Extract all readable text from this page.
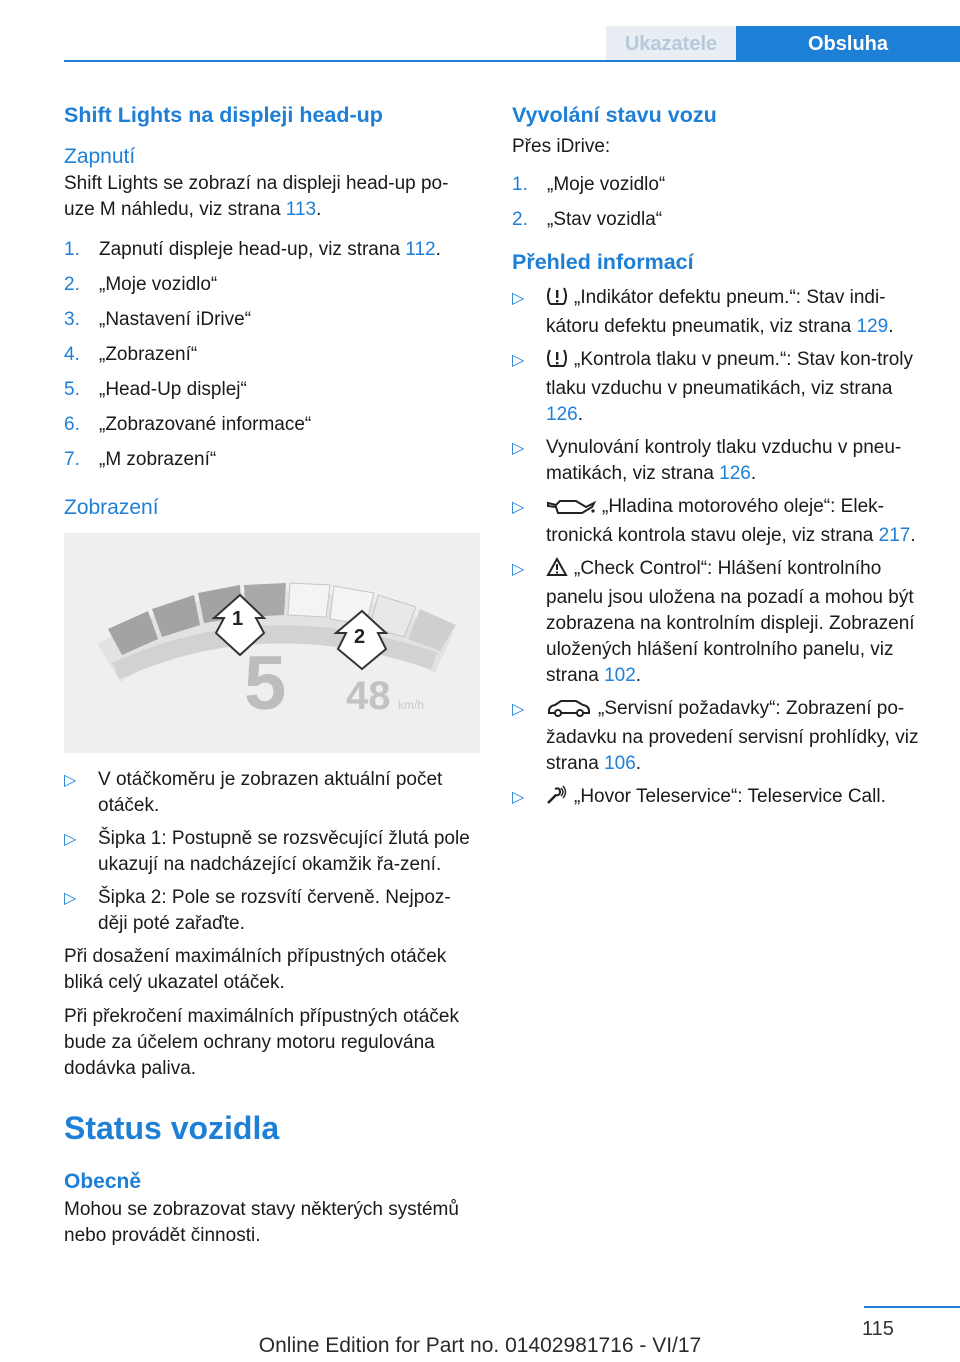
Ukazatele	Obsluha
Shift Lights na displeji head-up
Zapnutí

Shift Lights se zobrazí na displeji head-up po‐uze M náhledu, viz strana 113.

1. Zapnutí displeje head-up, viz strana 112.
2. „Moje vozidlo“
3. „Nastavení iDrive“
4. „Zobrazení“
5. „Head-Up displej“
6. „Zobrazované informace“
7. „M zobrazení“
Zobrazení
1
2
5 48 km/h
▷ V otáčkoměru je zobrazen aktuální počet otáček.
▷ Šipka 1: Postupně se rozsvěcující žlutá pole ukazují na nadcházející okamžik řa‐zení.
▷ Šipka 2: Pole se rozsvítí červeně. Nejpoz‐ději poté zařaďte.

Při dosažení maximálních přípustných otáček bliká celý ukazatel otáček.

Při překročení maximálních přípustných otáček bude za účelem ochrany motoru regulována dodávka paliva.

Status vozidla
Obecně

Mohou se zobrazovat stavy některých systémů nebo provádět činnosti.

Vyvolání stavu vozu

Přes iDrive:

1. „Moje vozidlo“
2. „Stav vozidla“
Přehled informací
▷	„Indikátor defektu pneum.“: Stav indi‐kátoru defektu pneumatik, viz strana 129.
▷	„Kontrola tlaku v pneum.“: Stav kon‐troly tlaku vzduchu v pneumatikách, viz strana 126.
▷ Vynulování kontroly tlaku vzduchu v pneu‐matikách, viz strana 126.
▷	„Hladina motorového oleje“: Elek‐tronická kontrola stavu oleje, viz strana 217.
▷	„Check Control“: Hlášení kontrolního panelu jsou uložena na pozadí a mohou být zobrazena na kontrolním displeji. Zobrazení uložených hlášení kontrolního panelu, viz strana 102.
▷	„Servisní požadavky“: Zobrazení po‐žadavku na provedení servisní prohlídky, viz strana 106.
▷	„Hovor Teleservice“: Teleservice Call.
115
Online Edition for Part no. 01402981716 - VI/17
